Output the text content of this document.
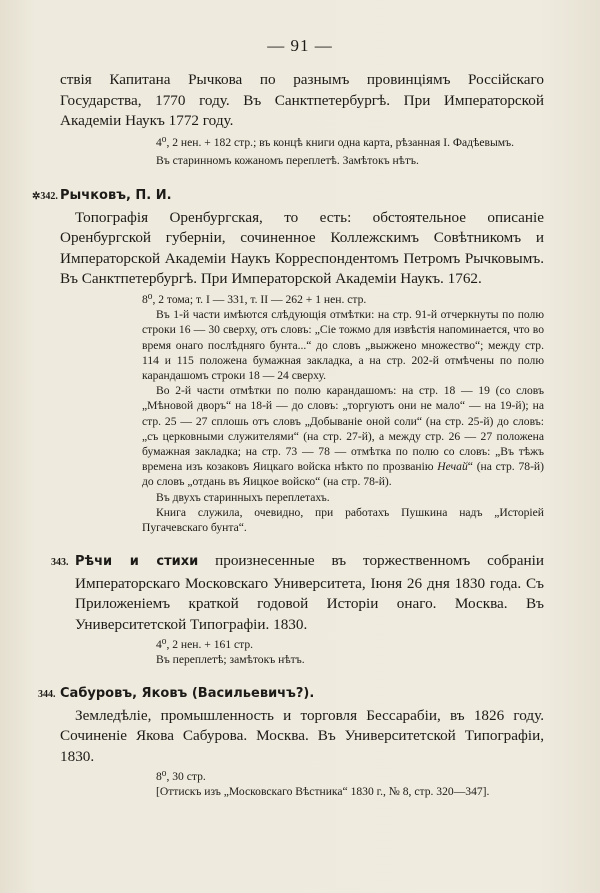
— 91 —

ствія Капитана Рычкова по разнымъ провинціямъ Россійскаго Государства, 1770 году. Въ Санктпетербургѣ. При Императорской Академіи Наукъ 1772 году.

4⁰, 2 нен. + 182 стр.; въ концѣ книги одна карта, рѣзанная І. Фадѣевымъ.
Въ старинномъ кожаномъ переплетѣ. Замѣтокъ нѣтъ.
✲342. Рычковъ, П. И.

Топографія Оренбургская, то есть: обстоятельное описаніе Оренбургской губерніи, сочиненное Коллежскимъ Совѣтникомъ и Императорской Академіи Наукъ Корреспондентомъ Петромъ Рычковымъ. Въ Санктпетербургѣ. При Императорской Академіи Наукъ. 1762.

8⁰, 2 тома; т. I — 331, т. II — 262 + 1 нен. стр.

Въ 1-й части имѣются слѣдующія отмѣтки: на стр. 91-й отчеркнуты по полю строки 16 — 30 сверху, отъ словъ: „Сіе тожмо для извѣстія напоминается, что во время онаго послѣдняго бунта...“ до словъ „выжжено множество“; между стр. 114 и 115 положена бумажная закладка, а на стр. 202-й отмѣчены по полю карандашомъ строки 18 — 24 сверху.

Во 2-й части отмѣтки по полю карандашомъ: на стр. 18 — 19 (со словъ „Мѣновой дворъ“ на 18-й — до словъ: „торгуютъ они не мало“ — на 19-й); на стр. 25 — 27 сплошь отъ словъ „Добываніе оной соли“ (на стр. 25-й) до словъ: „съ церковными служителями“ (на стр. 27-й), а между стр. 26 — 27 положена бумажная закладка; на стр. 73 — 78 — отмѣтка по полю со словъ: „Въ тѣжъ времена изъ козаковъ Яицкаго войска нѣкто по прозванію Нечай“ (на стр. 78-й) до словъ „отдань въ Яицкое войско“ (на стр. 78-й).

Въ двухъ старинныхъ переплетахъ.

Книга служила, очевидно, при работахъ Пушкина надъ „Исторіей Пугачевскаго бунта“.

343. Рѣчи и стихи произнесенные въ торжественномъ собраніи Императорскаго Московскаго Университета, Іюня 26 дня 1830 года. Съ Приложеніемъ краткой годовой Исторіи онаго. Москва. Въ Университетской Типографіи. 1830.

4⁰, 2 нен. + 161 стр.
Въ переплетѣ; замѣтокъ нѣтъ.
344. Сабуровъ, Яковъ (Васильевичъ?).

Земледѣліе, промышленность и торговля Бессарабіи, въ 1826 году. Сочиненіе Якова Сабурова. Москва. Въ Университетской Типографіи, 1830.

8⁰, 30 стр.
[Оттискъ изъ „Московскаго Вѣстника“ 1830 г., № 8, стр. 320—347].
